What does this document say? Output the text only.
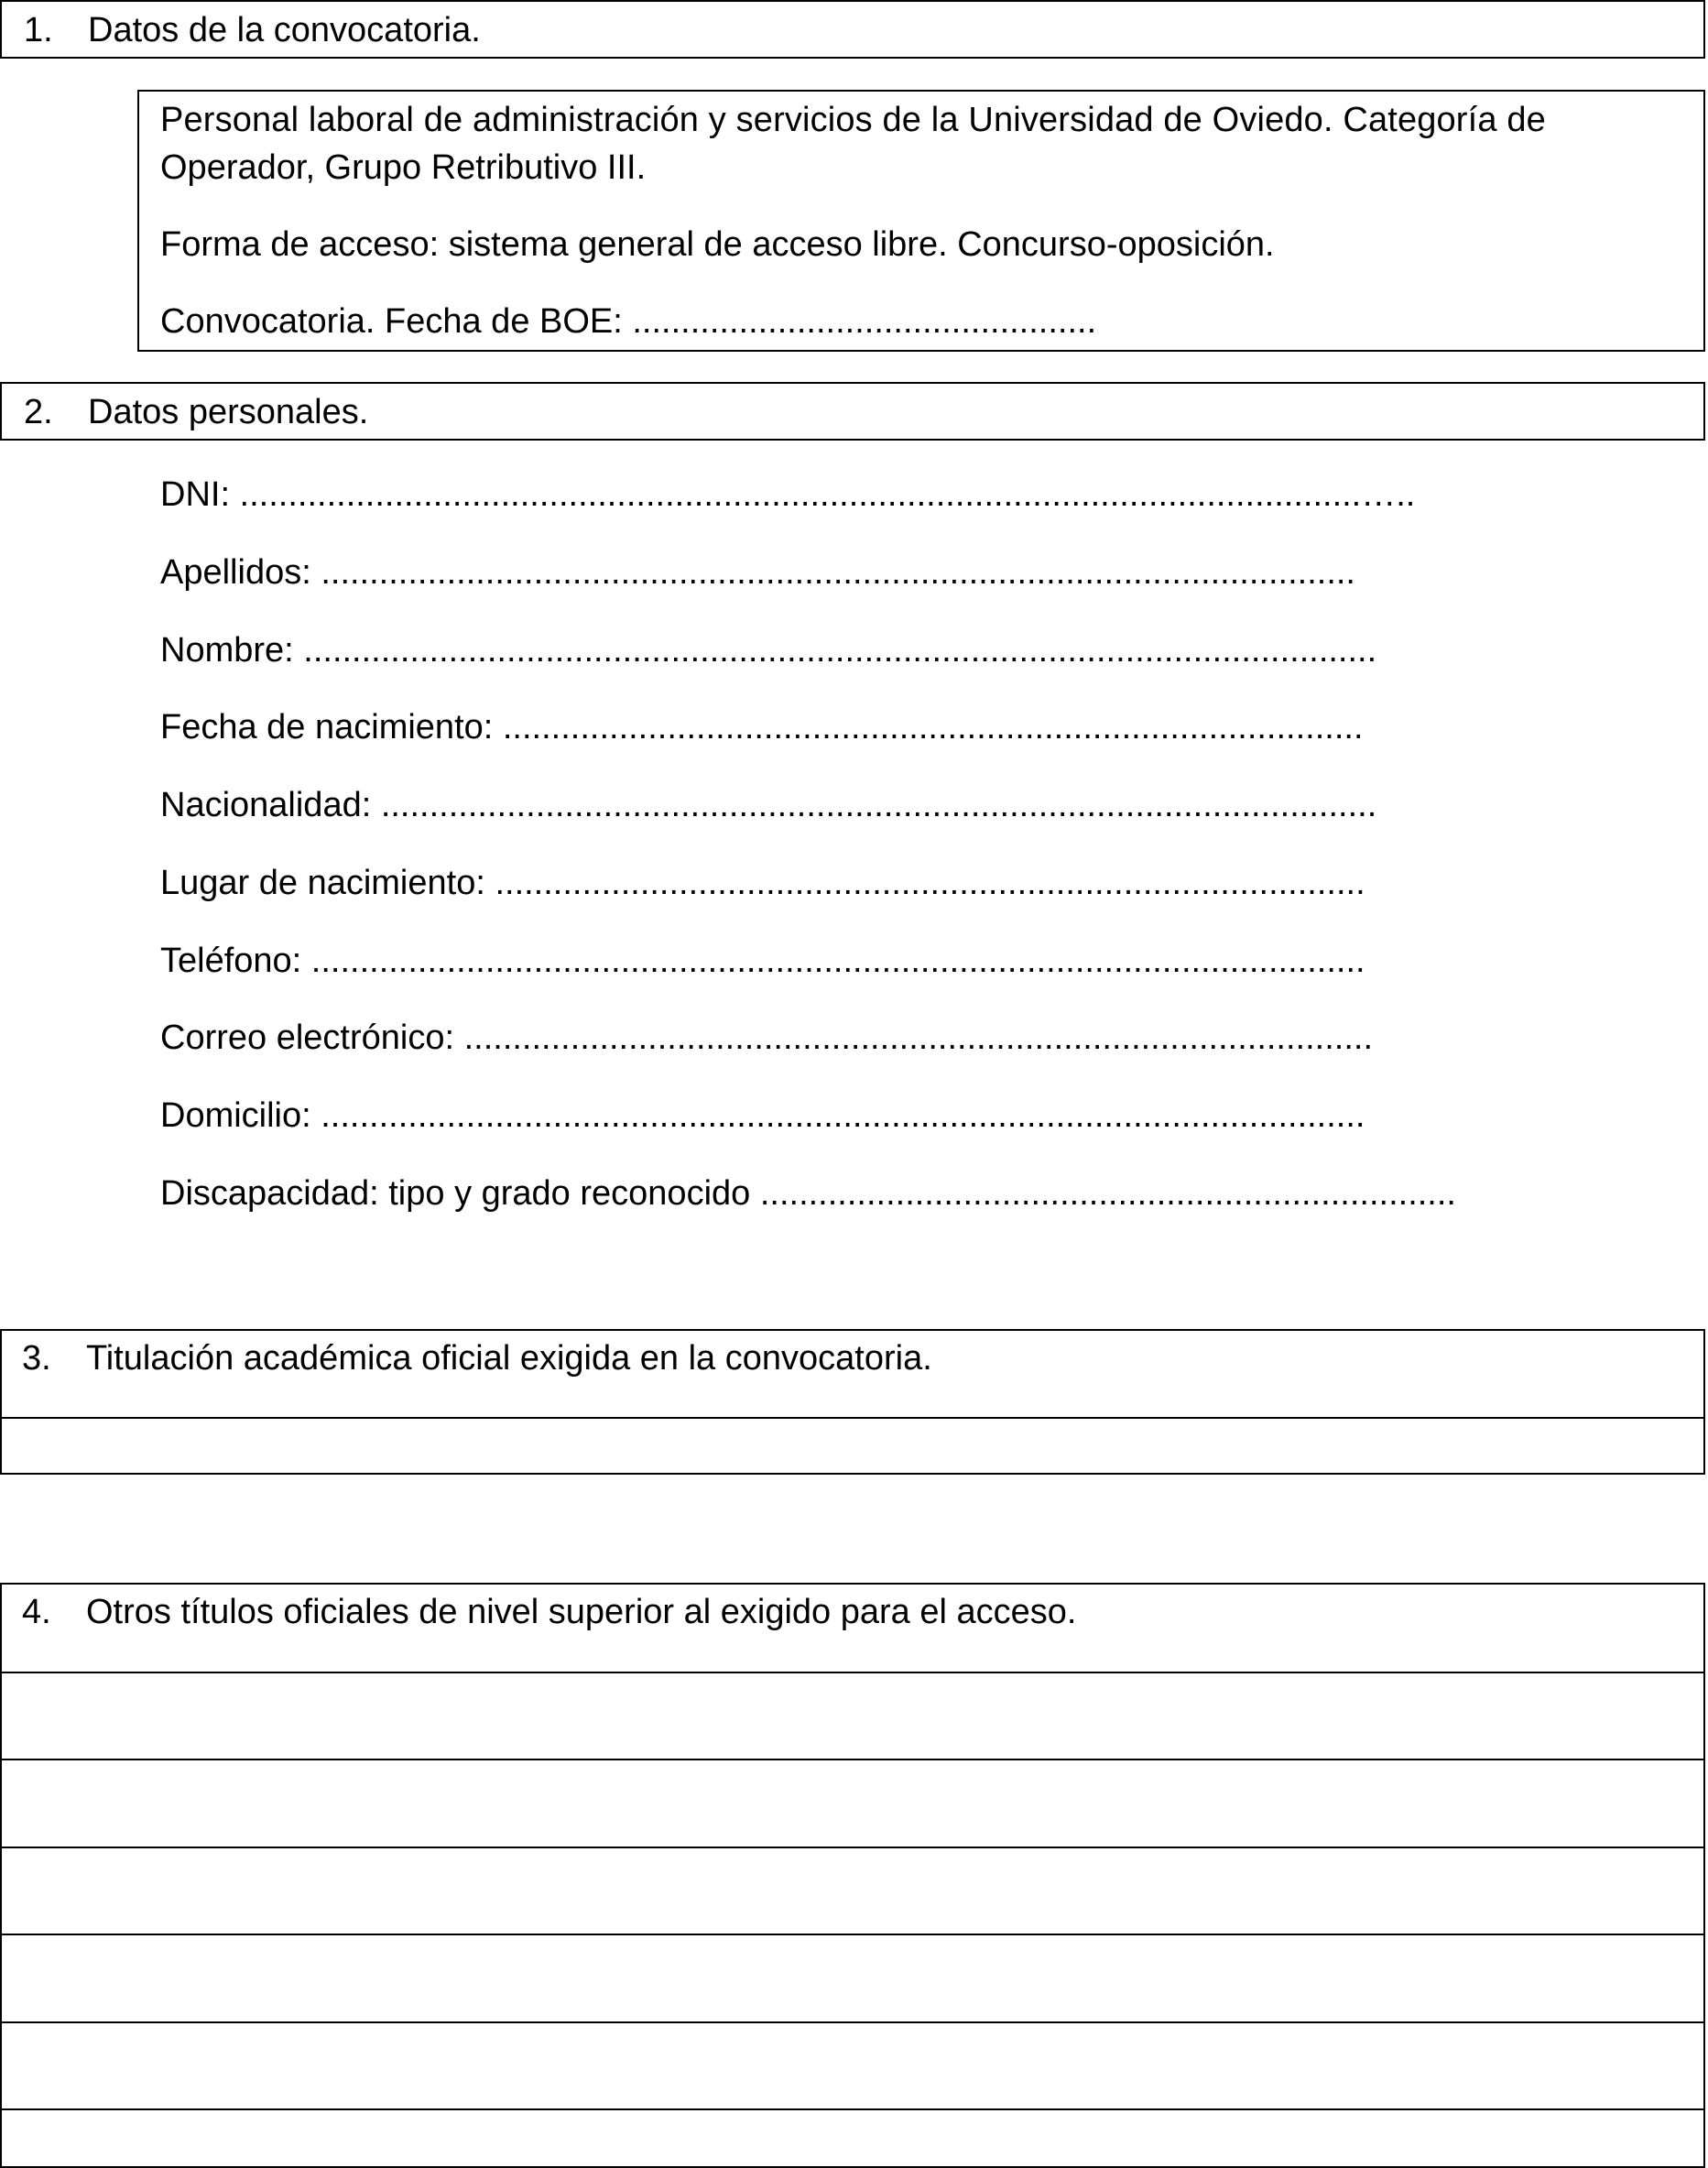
1. Datos de la convocatoria.
Personal laboral de administración y servicios de la Universidad de Oviedo. Categoría de
Operador, Grupo Retributivo III.
Forma de acceso: sistema general de acceso libre. Concurso-oposición.
Convocatoria. Fecha de BOE: ................................................
2. Datos personales.
DNI: ....................................................................................................................…..
Apellidos: ...........................................................................................................
Nombre: ...............................................................................................................
Fecha de nacimiento: .........................................................................................
Nacionalidad: .......................................................................................................
Lugar de nacimiento: ..........................................................................................
Teléfono: .............................................................................................................
Correo electrónico: ..............................................................................................
Domicilio: ............................................................................................................
Discapacidad: tipo y grado reconocido ........................................................................
3. Titulación académica oficial exigida en la convocatoria.
4. Otros títulos oficiales de nivel superior al exigido para el acceso.
